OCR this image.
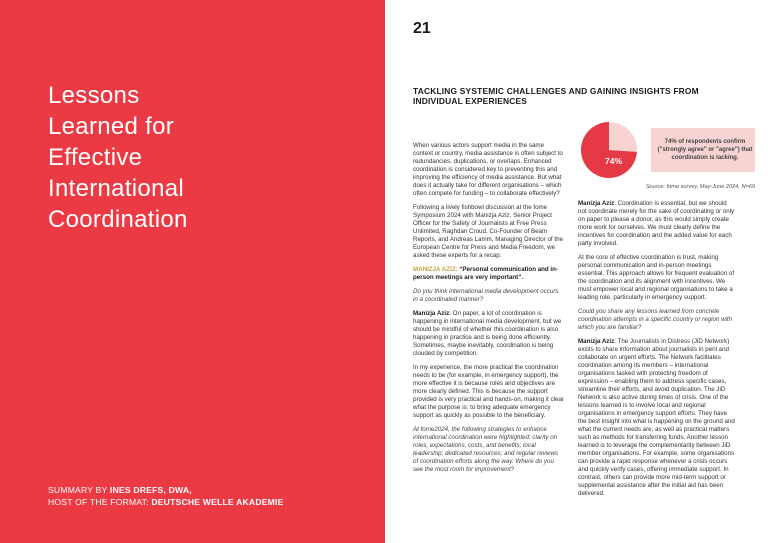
Lessons
Learned for
Effective
International
Coordination
SUMMARY BY INES DREFS, DWA,
HOST OF THE FORMAT: DEUTSCHE WELLE AKADEMIE
21
TACKLING SYSTEMIC CHALLENGES AND GAINING INSIGHTS FROM INDIVIDUAL EXPERIENCES
74%
74% of respondents confirm ("strongly agree" or "agree") that coordination is lacking.
Source: fome survey, May-June 2024, N=69

When various actors support media in the same context or country, media assistance is often subject to redundancies, duplications, or overlaps. Enhanced coordination is considered key to preventing this and improving the efficiency of media assistance. But what does it actually take for different organisations – which often compete for funding – to collaborate effectively?

Following a lively fishbowl discussion at the fome Symposium 2024 with Manizja Aziz, Senior Project Officer for the Safety of Journalists at Free Press Unlimited, Raghdan Croud, Co-Founder of Beam Reports, and Andreas Lamm, Managing Director of the European Centre for Press and Media Freedom, we asked these experts for a recap.

MANIZJA AZIZ: “Personal communication and in-person meetings are very important”.

Do you think international media development occurs in a coordinated manner?

Manizja Aziz: On paper, a lot of coordination is happening in international media development, but we should be mindful of whether this coordination is also happening in practice and is being done efficiently. Sometimes, maybe inevitably, coordination is being clouded by competition.

In my experience, the more practical the coordination needs to be (for example, in emergency support), the more effective it is because roles and objectives are more clearly defined. This is because the support provided is very practical and hands-on, making it clear what the purpose is: to bring adequate emergency support as quickly as possible to the beneficiary.

At fome2024, the following strategies to enhance international coordination were highlighted: clarity on roles, expectations, costs, and benefits; local leadership; dedicated resources; and regular reviews of coordination efforts along the way. Where do you see the most room for improvement?

Manizja Aziz: Coordination is essential, but we should not coordinate merely for the sake of coordinating or only on paper to please a donor, as this would simply create more work for ourselves. We must clearly define the incentives for coordination and the added value for each party involved.

At the core of effective coordination is trust, making personal communication and in-person meetings essential. This approach allows for frequent evaluation of the coordination and its alignment with incentives. We must empower local and regional organisations to take a leading role, particularly in emergency support.

Could you share any lessons learned from concrete coordination attempts in a specific country or region with which you are familiar?

Manizja Aziz: The Journalists in Distress (JiD Network) exists to share information about journalists in peril and collaborate on urgent efforts. The Network facilitates coordination among its members – international organisations tasked with protecting freedom of expression – enabling them to address specific cases, streamline their efforts, and avoid duplication. The JiD Network is also active during times of crisis. One of the lessons learned is to involve local and regional organisations in emergency support efforts. They have the best insight into what is happening on the ground and what the current needs are, as well as practical matters such as methods for transferring funds. Another lesson learned is to leverage the complementarity between JiD member organisations. For example, some organisations can provide a rapid response whenever a crisis occurs and quickly verify cases, offering immediate support. In contrast, others can provide more mid-term support or supplemental assistance after the initial aid has been delivered.
